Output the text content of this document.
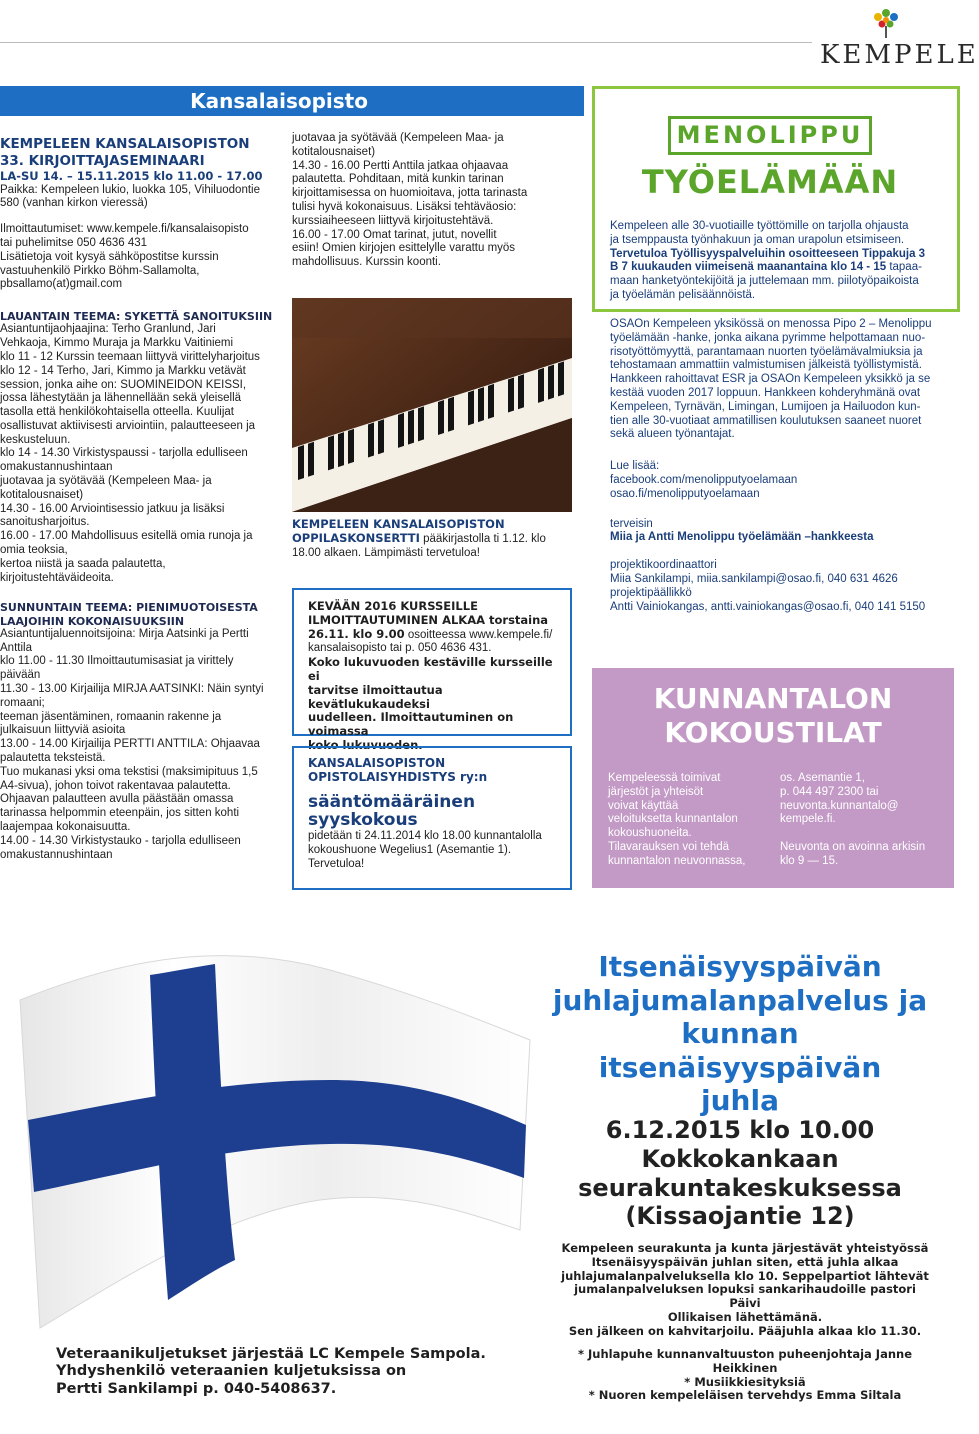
KEMPELE
Kansalaisopisto
KEMPELEEN KANSALAISOPISTON
33. KIRJOITTAJASEMINAARI
LA-SU 14. – 15.11.2015 klo 11.00 - 17.00
Paikka: Kempeleen lukio, luokka 105, Vihiluodontie
580 (vanhan kirkon vieressä)
Ilmoittautumiset: www.kempele.fi/kansalaisopisto
tai puhelimitse 050 4636 431
Lisätietoja voit kysyä sähköpostitse kurssin
vastuuhenkilö Pirkko Böhm-Sallamolta,
pbsallamo(at)gmail.com
LAUANTAIN TEEMA: SYKETTÄ SANOITUKSIIN
Asiantuntijaohjaajina: Terho Granlund, Jari
Vehkaoja, Kimmo Muraja ja Markku Vaitiniemi
klo 11 - 12 Kurssin teemaan liittyvä virittelyharjoitus
klo 12 - 14 Terho, Jari, Kimmo ja Markku vetävät
session, jonka aihe on: SUOMINEIDON KEISSI,
jossa lähestytään ja lähennellään sekä yleisellä
tasolla että henkilökohtaisella otteella. Kuulijat
osallistuvat aktiivisesti arviointiin, palautteeseen ja
keskusteluun.
klo 14 - 14.30 Virkistyspaussi - tarjolla edulliseen
omakustannushintaan
juotavaa ja syötävää (Kempeleen Maa- ja
kotitalousnaiset)
14.30 - 16.00 Arviointisessio jatkuu ja lisäksi
sanoitusharjoitus.
16.00 - 17.00 Mahdollisuus esitellä omia runoja ja
omia teoksia,
kertoa niistä ja saada palautetta,
kirjoitustehtäväideoita.
SUNNUNTAIN TEEMA: PIENIMUOTOISESTA
LAAJOIHIN KOKONAISUUKSIIN
Asiantuntijaluennoitsijoina: Mirja Aatsinki ja Pertti
Anttila
klo 11.00 - 11.30 Ilmoittautumisasiat ja virittely
päivään
11.30 - 13.00 Kirjailija MIRJA AATSINKI: Näin syntyi
romaani;
teeman jäsentäminen, romaanin rakenne ja
julkaisuun liittyviä asioita
13.00 - 14.00 Kirjailija PERTTI ANTTILA: Ohjaavaa
palautetta teksteistä.
Tuo mukanasi yksi oma tekstisi (maksimipituus 1,5
A4-sivua), johon toivot rakentavaa palautetta.
Ohjaavan palautteen avulla päästään omassa
tarinassa helpommin eteenpäin, jos sitten kohti
laajempaa kokonaisuutta.
14.00 - 14.30 Virkistystauko - tarjolla edulliseen
omakustannushintaan
juotavaa ja syötävää (Kempeleen Maa- ja
kotitalousnaiset)
14.30 - 16.00 Pertti Anttila jatkaa ohjaavaa
palautetta. Pohditaan, mitä kunkin tarinan
kirjoittamisessa on huomioitava, jotta tarinasta
tulisi hyvä kokonaisuus. Lisäksi tehtäväosio:
kurssiaiheeseen liittyvä kirjoitustehtävä.
16.00 - 17.00 Omat tarinat, jutut, novellit
esiin! Omien kirjojen esittelylle varattu myös
mahdollisuus. Kurssin koonti.
KEMPELEEN KANSALAISOPISTON
OPPILASKONSERTTI pääkirjastolla ti 1.12. klo
18.00 alkaen. Lämpimästi tervetuloa!
KEVÄÄN 2016 KURSSEILLE
ILMOITTAUTUMINEN ALKAA torstaina
26.11. klo 9.00 osoitteessa www.kempele.fi/
kansalaisopisto tai p. 050 4636 431.
Koko lukuvuoden kestäville kursseille ei
tarvitse ilmoittautua kevätlukukaudeksi
uudelleen. Ilmoittautuminen on voimassa
koko lukuvuoden.
KANSALAISOPISTON
OPISTOLAISYHDISTYS ry:n
sääntömääräinen
syyskokous
pidetään ti 24.11.2014 klo 18.00 kunnantalolla
kokoushuone Wegelius1 (Asemantie 1).
Tervetuloa!
MENOLIPPU
TYÖELÄMÄÄN
Kempeleen alle 30-vuotiaille työttömille on tarjolla ohjausta
ja tsemppausta työnhakuun ja oman urapolun etsimiseen.
Tervetuloa Työllisyyspalveluihin osoitteeseen Tippakuja 3
B 7 kuukauden viimeisenä maanantaina klo 14 - 15 tapaa-
maan hanketyöntekijöitä ja juttelemaan mm. piilotyöpaikoista
ja työelämän pelisäännöistä.
OSAOn Kempeleen yksikössä on menossa Pipo 2 – Menolippu
työelämään -hanke, jonka aikana pyrimme helpottamaan nuo-
risotyöttömyyttä, parantamaan nuorten työelämävalmiuksia ja
tehostamaan ammattiin valmistumisen jälkeistä työllistymistä.
Hankkeen rahoittavat ESR ja OSAOn Kempeleen yksikkö ja se
kestää vuoden 2017 loppuun. Hankkeen kohderyhmänä ovat
Kempeleen, Tyrnävän, Limingan, Lumijoen ja Hailuodon kun-
tien alle 30-vuotiaat ammatillisen koulutuksen saaneet nuoret
sekä alueen työnantajat.
Lue lisää:
facebook.com/menolipputyoelamaan
osao.fi/menolipputyoelamaan
terveisin
Miia ja Antti Menolippu työelämään –hankkeesta
projektikoordinaattori
Miia Sankilampi, miia.sankilampi@osao.fi, 040 631 4626
projektipäällikkö
Antti Vainiokangas, antti.vainiokangas@osao.fi, 040 141 5150
KUNNANTALON
KOKOUSTILAT
Kempeleessä toimivat
järjestöt ja yhteisöt
voivat käyttää
veloituksetta kunnantalon
kokoushuoneita.
Tilavarauksen voi tehdä
kunnantalon neuvonnassa,
os. Asemantie 1,
p. 044 497 2300 tai
neuvonta.kunnantalo@
kempele.fi.
Neuvonta on avoinna arkisin
klo 9 — 15.
Itsenäisyyspäivän
juhlajumalanpalvelus ja
kunnan itsenäisyyspäivän
juhla
6.12.2015 klo 10.00
Kokkokankaan
seurakuntakeskuksessa
(Kissaojantie 12)
Kempeleen seurakunta ja kunta järjestävät yhteistyössä
Itsenäisyyspäivän juhlan siten, että juhla alkaa
juhlajumalanpalveluksella klo 10. Seppelpartiot lähtevät
jumalanpalveluksen lopuksi sankarihaudoille pastori Päivi
Ollikaisen lähettämänä.
Sen jälkeen on kahvitarjoilu. Pääjuhla alkaa klo 11.30.
* Juhlapuhe kunnanvaltuuston puheenjohtaja Janne Heikkinen
* Musiikkiesityksiä
* Nuoren kempeleläisen tervehdys Emma Siltala
Veteraanikuljetukset järjestää LC Kempele Sampola.
Yhdyshenkilö veteraanien kuljetuksissa on
Pertti Sankilampi p. 040-5408637.
